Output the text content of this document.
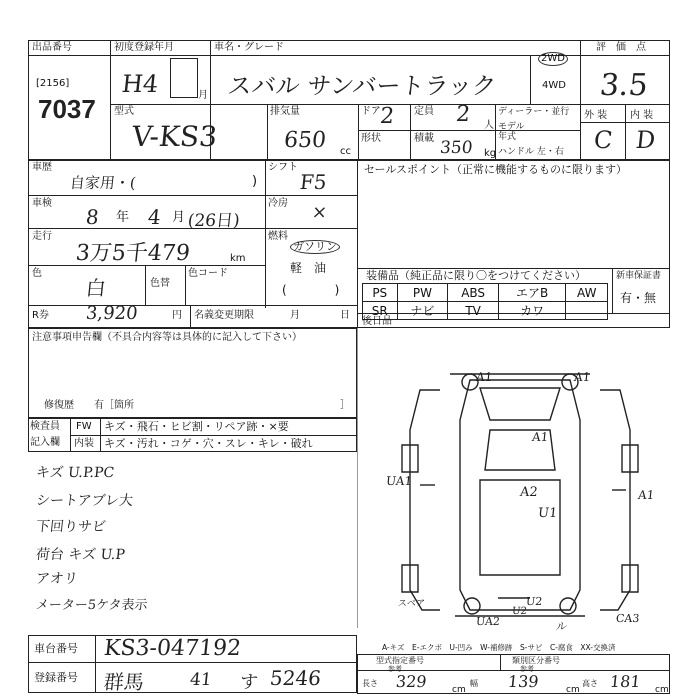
出品番号
[2156]
7037
初度登録年月
H4	月
車名・グレード
スバル サンバートラック
2WD
4WD
評　価　点
3.5
型式
V-KS3
排気量
650 cc
ドア
2 定員 2 人
形状	積載 350 kg
ディーラー・並行
モデル年式
ハンドル 左・右
外 装 内 装
C D
車歴
自家用・(	)
シフト
F5
セールスポイント（正常に機能するものに限ります）
車検
8 年 4 月 (26日)
冷房 ×
走行
3万5千479	km
燃料
ガソリン
軽　油
(　　　　)
色
白	色替
色コード
R券 3,920	円 名義変更期限	月	日
装備品（純正品に限り〇をつけてください）	新車保証書
有・無
PS	PW	ABS	エアB	AW
SR	ナビ	TV	カワ	
後日品
注意事項申告欄（不具合内容等は具体的に記入して下さい）
修復歴　　有［箇所	］
検査員
記入欄
FW キズ・飛石・ヒビ割・リペア跡・×要
内装 キズ・汚れ・コゲ・穴・スレ・キレ・破れ
キズ U.P.PC
シートアブレ大
下回りサビ
荷台 キズ U.P
アオリ
メーター5ケタ表示
A1	A1
A1
UA1
A1
A2
U1
スペア	U2
UA2
U2
ル
CA3
A-キズ　E-エクボ　U-凹み　W-補修跡　S-サビ　C-腐食　XX-交換済
車台番号 KS3-047192
登録番号 群馬	41 す 5246
型式指定番号
参考
類別区分番号
参考
長さ 329	cm
幅 139	cm
高さ 181 cm
